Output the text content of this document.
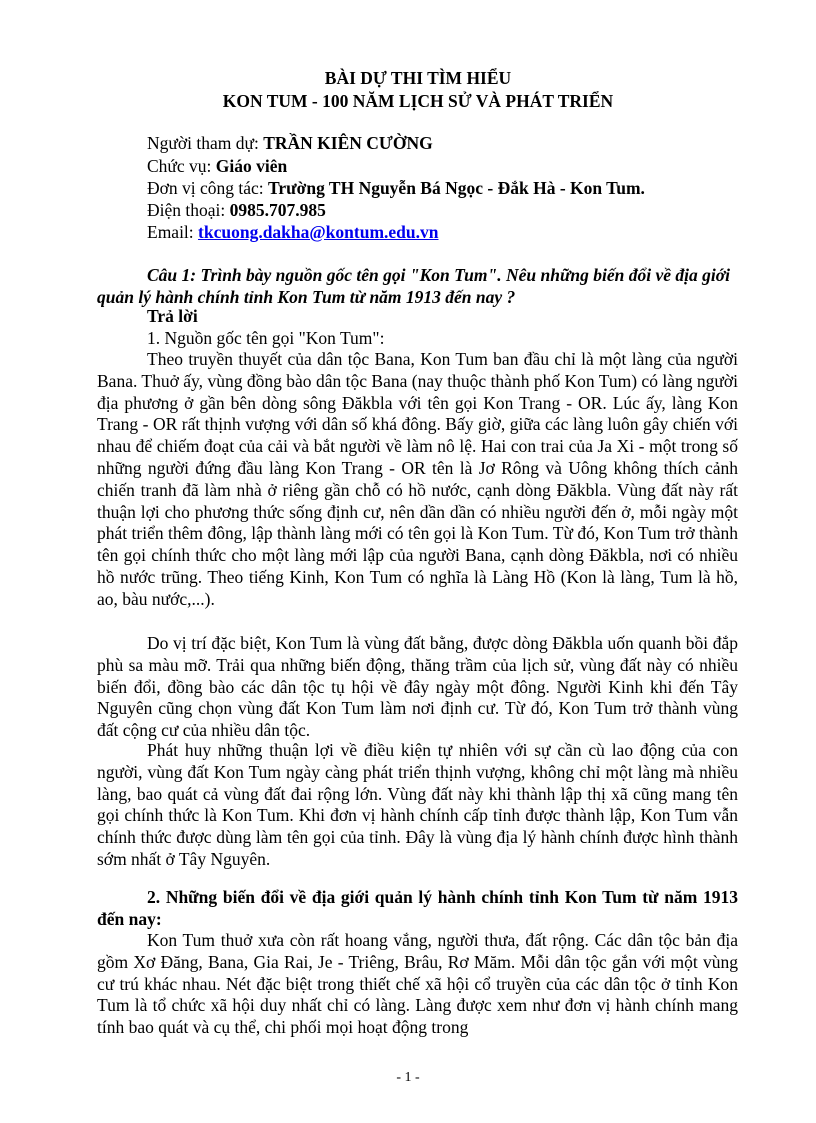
BÀI DỰ THI TÌM HIỂU
KON TUM - 100 NĂM LỊCH SỬ VÀ PHÁT TRIỂN
Người tham dự: TRẦN KIÊN CƯỜNG
Chức vụ: Giáo viên
Đơn vị công tác: Trường TH Nguyễn Bá Ngọc - Đắk Hà - Kon Tum.
Điện thoại: 0985.707.985
Email: tkcuong.dakha@kontum.edu.vn

Câu 1: Trình bày nguồn gốc tên gọi "Kon Tum". Nêu những biến đổi về địa giới quản lý hành chính tỉnh Kon Tum từ năm 1913 đến nay ?

Trả lời
1. Nguồn gốc tên gọi "Kon Tum":

Theo truyền thuyết của dân tộc Bana, Kon Tum ban đầu chỉ là một làng của người Bana. Thuở ấy, vùng đồng bào dân tộc Bana (nay thuộc thành phố Kon Tum) có làng người địa phương ở gần bên dòng sông Đăkbla với tên gọi Kon Trang - OR. Lúc ấy, làng Kon Trang - OR rất thịnh vượng với dân số khá đông. Bấy giờ, giữa các làng luôn gây chiến với nhau để chiếm đoạt của cải và bắt người về làm nô lệ. Hai con trai của Ja Xi - một trong số những người đứng đầu làng Kon Trang - OR tên là Jơ Rông và Uông không thích cảnh chiến tranh đã làm nhà ở riêng gần chỗ có hồ nước, cạnh dòng Đăkbla. Vùng đất này rất thuận lợi cho phương thức sống định cư, nên dần dần có nhiều người đến ở, mỗi ngày một phát triển thêm đông, lập thành làng mới có tên gọi là Kon Tum. Từ đó, Kon Tum trở thành tên gọi chính thức cho một làng mới lập của người Bana, cạnh dòng Đăkbla, nơi có nhiều hồ nước trũng. Theo tiếng Kinh, Kon Tum có nghĩa là Làng Hồ (Kon là làng, Tum là hồ, ao, bàu nước,...).

Do vị trí đặc biệt, Kon Tum là vùng đất bằng, được dòng Đăkbla uốn quanh bồi đắp phù sa màu mỡ. Trải qua những biến động, thăng trầm của lịch sử, vùng đất này có nhiều biến đổi, đồng bào các dân tộc tụ hội về đây ngày một đông. Người Kinh khi đến Tây Nguyên cũng chọn vùng đất Kon Tum làm nơi định cư. Từ đó, Kon Tum trở thành vùng đất cộng cư của nhiều dân tộc.

Phát huy những thuận lợi về điều kiện tự nhiên với sự cần cù lao động của con người, vùng đất Kon Tum ngày càng phát triển thịnh vượng, không chỉ một làng mà nhiều làng, bao quát cả vùng đất đai rộng lớn. Vùng đất này khi thành lập thị xã cũng mang tên gọi chính thức là Kon Tum. Khi đơn vị hành chính cấp tỉnh được thành lập, Kon Tum vẫn chính thức được dùng làm tên gọi của tỉnh. Đây là vùng địa lý hành chính được hình thành sớm nhất ở Tây Nguyên.

2. Những biến đổi về địa giới quản lý hành chính tỉnh Kon Tum từ năm 1913 đến nay:

Kon Tum thuở xưa còn rất hoang vắng, người thưa, đất rộng. Các dân tộc bản địa gồm Xơ Đăng, Bana, Gia Rai, Je - Triêng, Brâu, Rơ Măm. Mỗi dân tộc gắn với một vùng cư trú khác nhau. Nét đặc biệt trong thiết chế xã hội cổ truyền của các dân tộc ở tỉnh Kon Tum là tổ chức xã hội duy nhất chỉ có làng. Làng được xem như đơn vị hành chính mang tính bao quát và cụ thể, chi phối mọi hoạt động trong

- 1 -
